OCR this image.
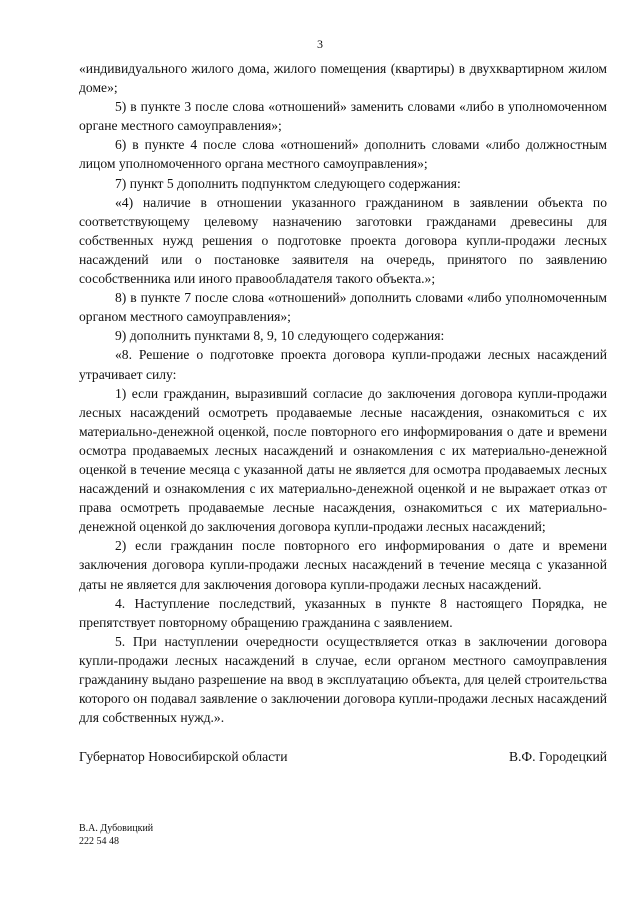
3

«индивидуального жилого дома, жилого помещения (квартиры) в двухквартирном жилом доме»;

5) в пункте 3 после слова «отношений» заменить словами «либо в уполномоченном органе местного самоуправления»;

6) в пункте 4 после слова «отношений» дополнить словами «либо должностным лицом уполномоченного органа местного самоуправления»;

7) пункт 5 дополнить подпунктом следующего содержания:

«4) наличие в отношении указанного гражданином в заявлении объекта по соответствующему целевому назначению заготовки гражданами древесины для собственных нужд решения о подготовке проекта договора купли-продажи лесных насаждений или о постановке заявителя на очередь, принятого по заявлению сособственника или иного правообладателя такого объекта.»;

8) в пункте 7 после слова «отношений» дополнить словами «либо уполномоченным органом местного самоуправления»;

9) дополнить пунктами 8, 9, 10 следующего содержания:

«8. Решение о подготовке проекта договора купли-продажи лесных насаждений утрачивает силу:

1) если гражданин, выразивший согласие до заключения договора купли-продажи лесных насаждений осмотреть продаваемые лесные насаждения, ознакомиться с их материально-денежной оценкой, после повторного его информирования о дате и времени осмотра продаваемых лесных насаждений и ознакомления с их материально-денежной оценкой в течение месяца с указанной даты не является для осмотра продаваемых лесных насаждений и ознакомления с их материально-денежной оценкой и не выражает отказ от права осмотреть продаваемые лесные насаждения, ознакомиться с их материально-денежной оценкой до заключения договора купли-продажи лесных насаждений;

2) если гражданин после повторного его информирования о дате и времени заключения договора купли-продажи лесных насаждений в течение месяца с указанной даты не является для заключения договора купли-продажи лесных насаждений.

4. Наступление последствий, указанных в пункте 8 настоящего Порядка, не препятствует повторному обращению гражданина с заявлением.

5. При наступлении очередности осуществляется отказ в заключении договора купли-продажи лесных насаждений в случае, если органом местного самоуправления гражданину выдано разрешение на ввод в эксплуатацию объекта, для целей строительства которого он подавал заявление о заключении договора купли-продажи лесных насаждений для собственных нужд.».

Губернатор Новосибирской области	В.Ф. Городецкий
В.А. Дубовицкий
222 54 48
